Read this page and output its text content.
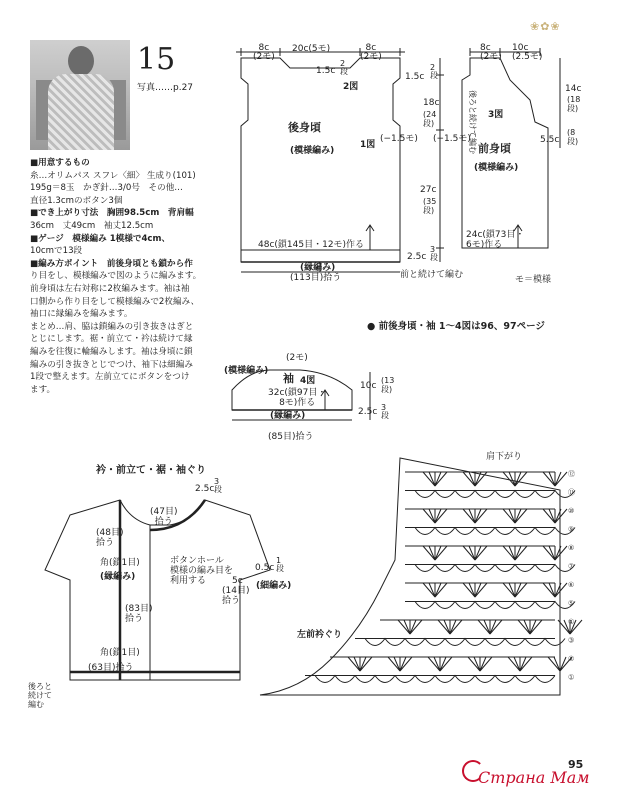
15
写真……p.27
❀✿❀

■用意するもの

糸…オリムパス スフレ〈細〉 生成り(101)

195g＝8玉　かぎ針…3/0号　その他…

直径1.3cmのボタン3個

■でき上がり寸法　胸囲98.5cm　背肩幅

36cm　丈49cm　袖丈12.5cm

■ゲージ　模様編み 1模様で4cm、

10cmで13段

■編み方ポイント　前後身頃とも鎖から作

り目をし、模様編みで図のように編みます。

前身頃は左右対称に2枚編みます。袖は袖

口側から作り目をして模様編みで2枚編み、

袖口に縁編みを編みます。

まとめ…肩、脇は鎖編みの引き抜きはぎと

とじにします。裾・前立て・衿は続けて縁

編みを往復に輪編みします。袖は身頃に鎖

編みの引き抜きとじでつけ、袖下は細編み

1段で整えます。左前立てにボタンをつけ

ます。

⑫
⑪
⑩
⑨
⑧
⑦
⑥
⑤
④
③
②
①
8c
(2モ)
20c(5モ)	8c
(2モ)
1.5c
2
段
2図
後身頃
(模様編み)
1図
(−1.5モ)
48c(鎖145目・12モ)作る
(縁編み)
(113目)拾う
1.5c
2
段
18c
(24
段)
27c
(35
段)
2.5c
3
段
14c
(18
段)
5.5c
(8
段)
8c
(2モ)
10c
(2.5モ)
3図
後ろと続けて編む
(−1.5モ)
前身頃
(模様編み)
24c(鎖73目・
6モ)作る
前と続けて編む	モ＝模様
● 前後身頃・袖 1〜4図は96、97ページ
(2モ)
(模様編み)
袖 4図
32c(鎖97目・
8モ)作る
(縁編み)
(85目)拾う
10c
(13
段)
2.5c 3
段
衿・前立て・裾・袖ぐり
2.5c
3
段
(47目)
拾う
(48目)
拾う
角(鎖1目)
(縁編み)
ボタンホール
模様の編み目を
利用する
0.5c
1
段
5c
(14目)
拾う
(細編み)
(83目)
拾う
角(鎖1目)
(63目)拾う
後ろと
続けて
編む
肩下がり
左前衿ぐり
95
Страна Мам
